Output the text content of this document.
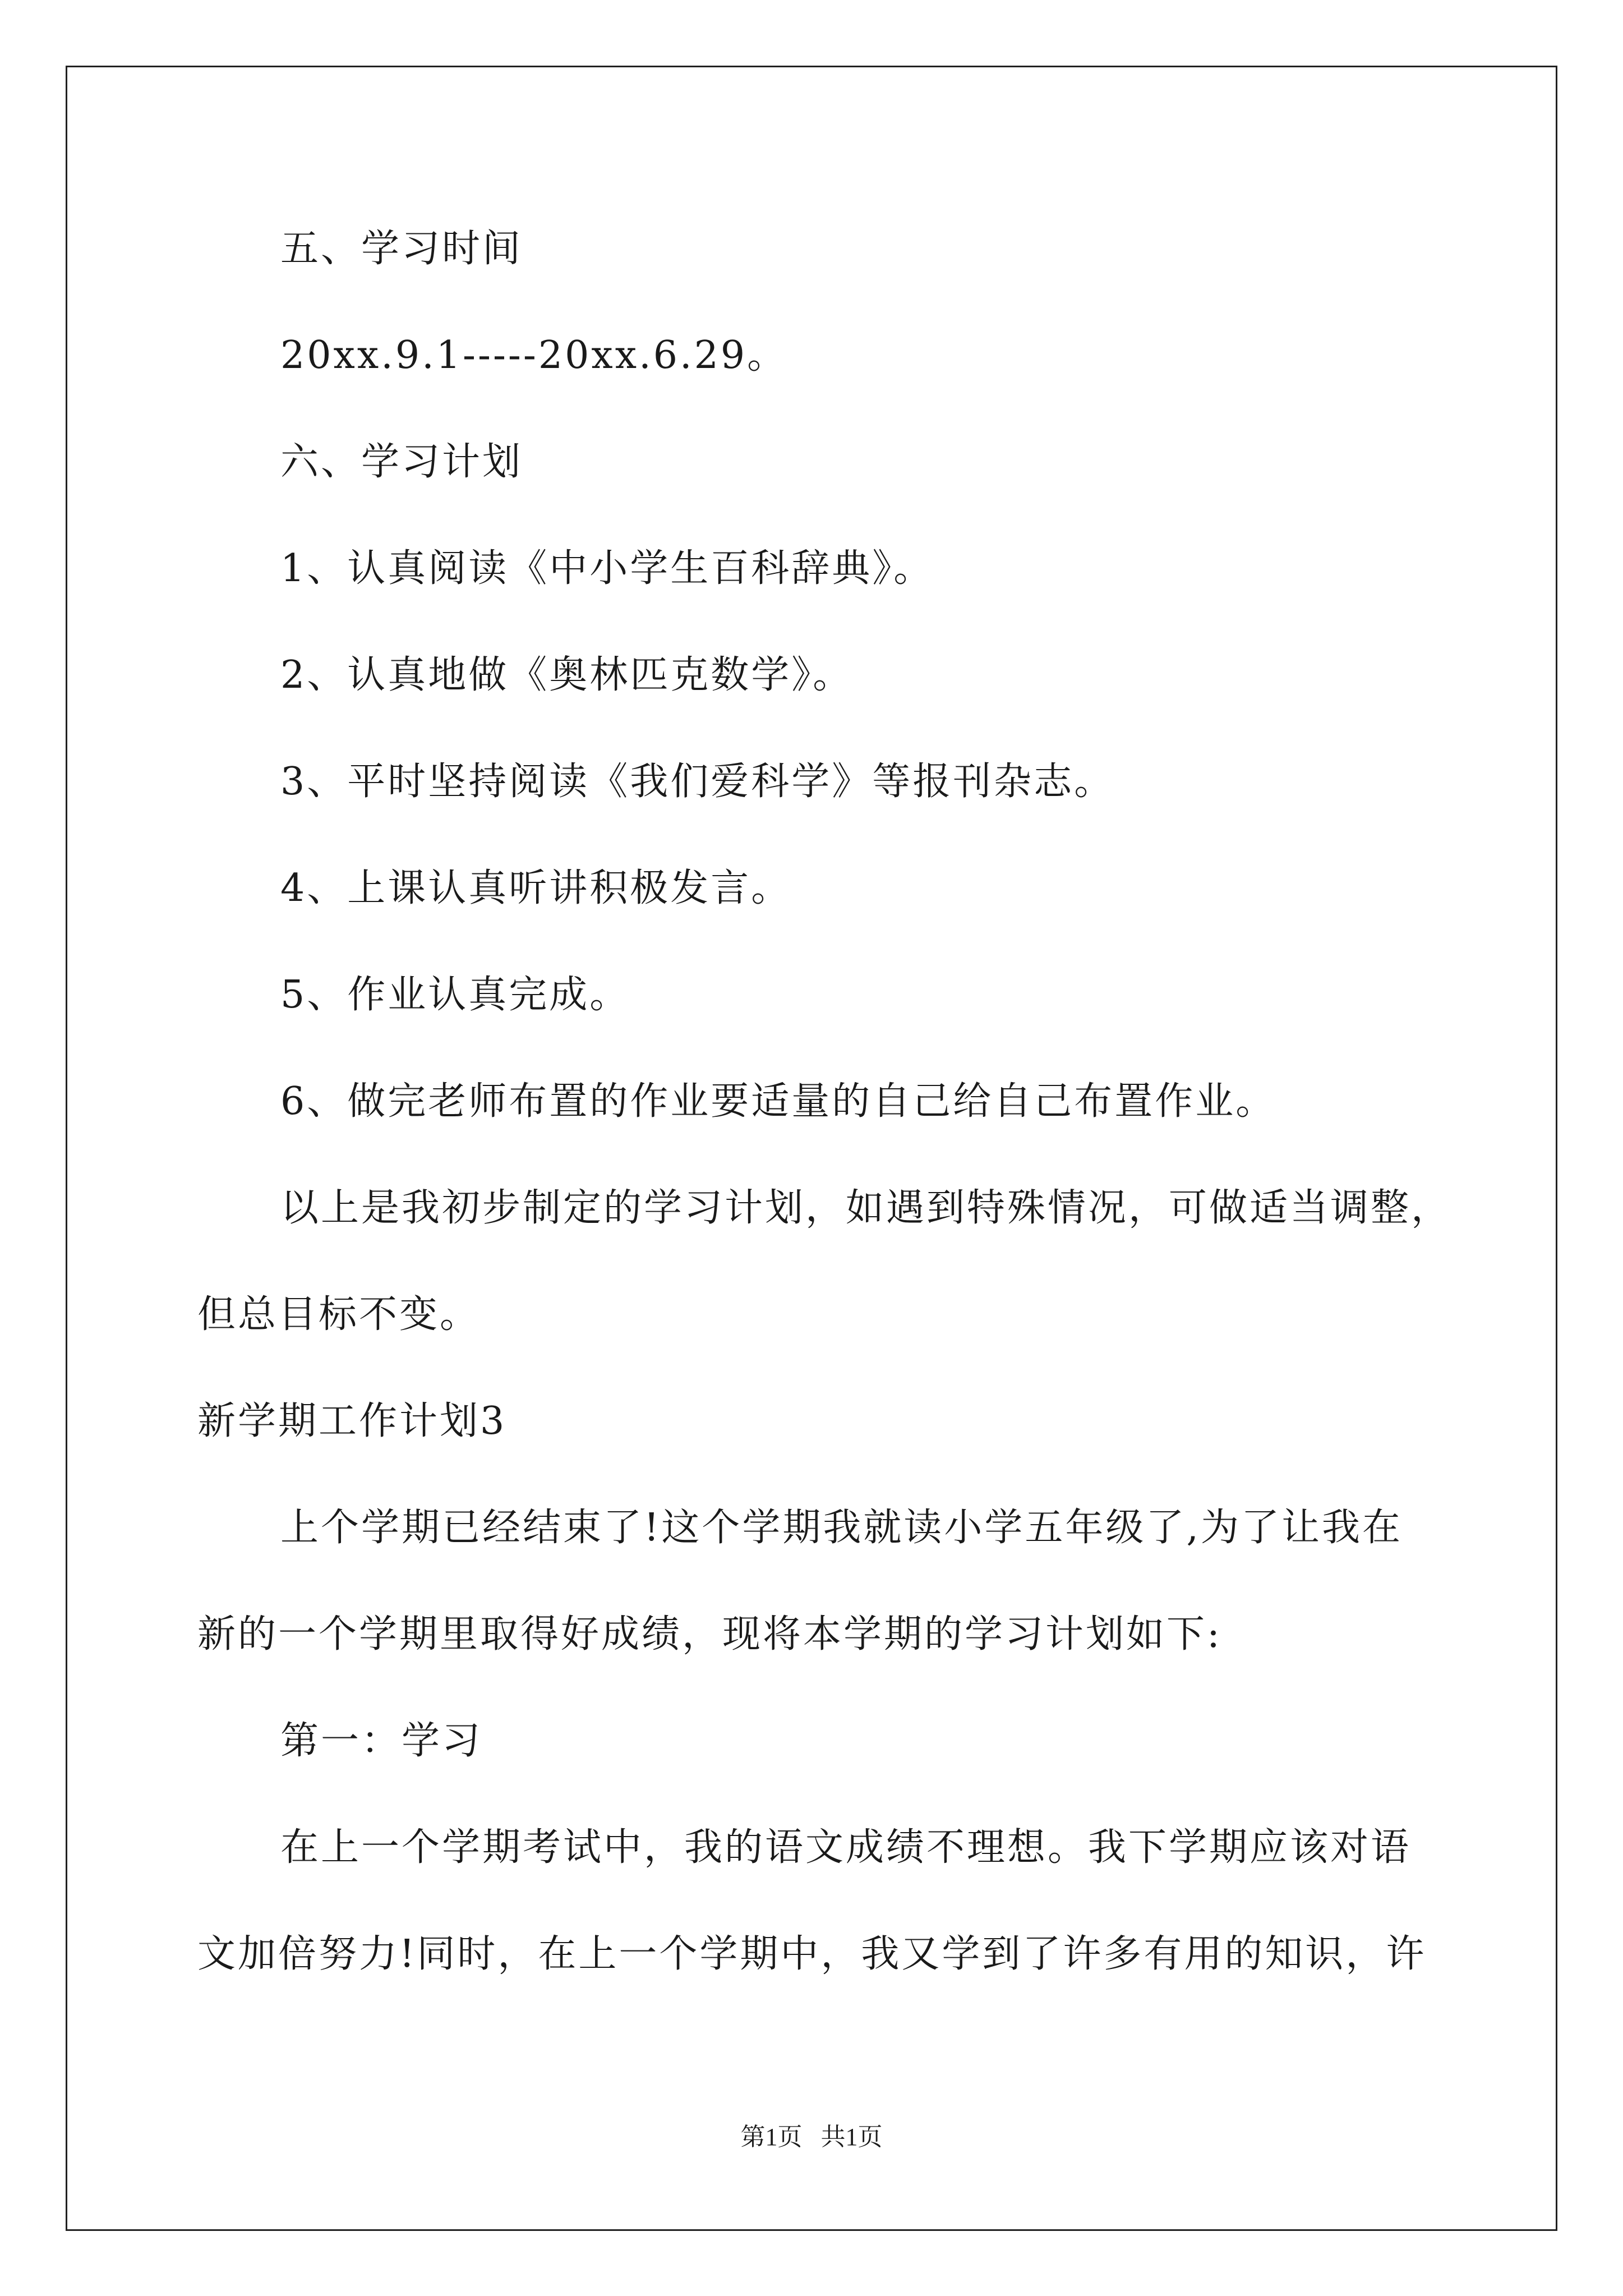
五、学习时间
20xx.9.1-----20xx.6.29。
六、学习计划
1、认真阅读《中小学生百科辞典》。
2、认真地做《奥林匹克数学》。
3、平时坚持阅读《我们爱科学》等报刊杂志。
4、上课认真听讲积极发言。
5、作业认真完成。
6、做完老师布置的作业要适量的自己给自己布置作业。
以上是我初步制定的学习计划，如遇到特殊情况，可做适当调整，
但总目标不变。
新学期工作计划3
上个学期已经结束了!这个学期我就读小学五年级了,为了让我在
新的一个学期里取得好成绩，现将本学期的学习计划如下:
第一：学习
在上一个学期考试中，我的语文成绩不理想。我下学期应该对语
文加倍努力!同时，在上一个学期中，我又学到了许多有用的知识，许
第1页   共1页
